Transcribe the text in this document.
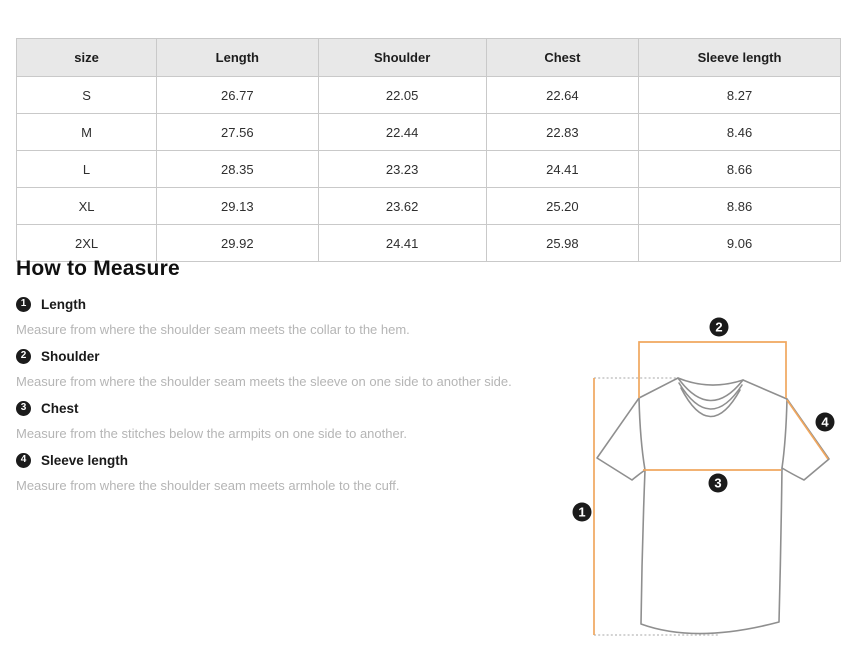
size	Length	Shoulder	Chest	Sleeve length
S	26.77	22.05	22.64	8.27
M	27.56	22.44	22.83	8.46
L	28.35	23.23	24.41	8.66
XL	29.13	23.62	25.20	8.86
2XL	29.92	24.41	25.98	9.06
How to Measure
1	Length

Measure from where the shoulder seam meets the collar to the hem.

2	Shoulder

Measure from where the shoulder seam meets the sleeve on one side to another side.

3	Chest

Measure from the stitches below the armpits on one side to another.

4	Sleeve length

Measure from where the shoulder seam meets armhole to the cuff.

1
2
3
4
